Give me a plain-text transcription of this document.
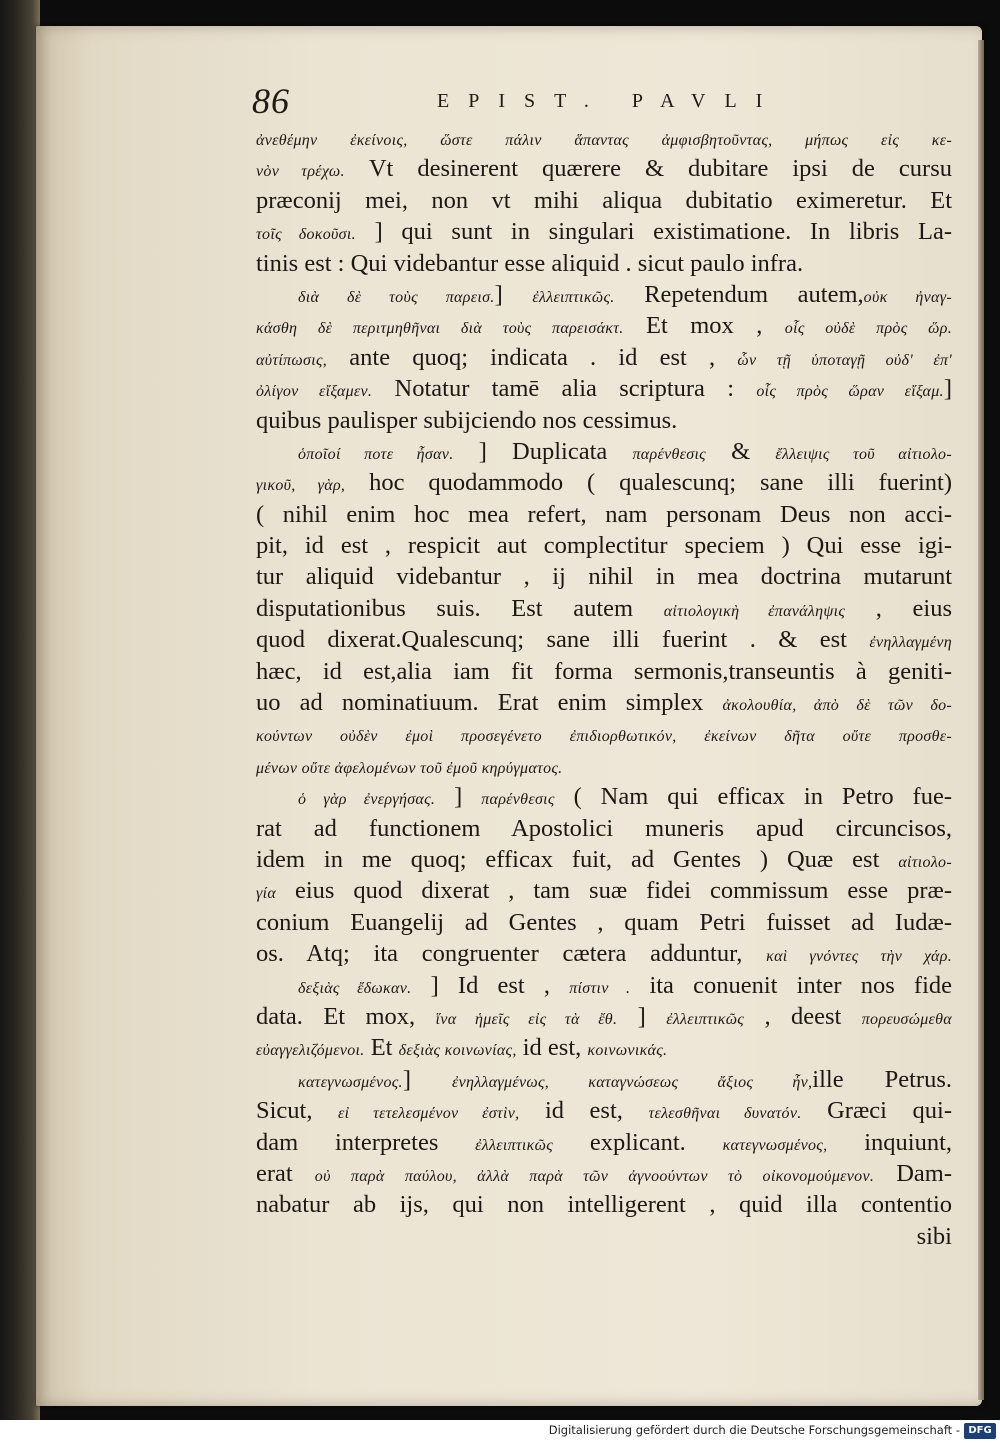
86	EPIST. PAVLI
ἀνεθέμην ἐκείνοις, ὥστε πάλιν ἅπαντας ἀμφισβητοῦντας, μήπως εἰς κε-
νὸν τρέχω. Vt desinerent quærere & dubitare ipsi de cursu
præconij mei, non vt mihi aliqua dubitatio eximeretur. Et
τοῖς δοκοῦσι. ] qui sunt in singulari existimatione. In libris La-
tinis est : Qui videbantur esse aliquid . sicut paulo infra.
διὰ δὲ τοὺς παρεισ.] ἐλλειπτικῶς. Repetendum autem,οὐκ ἠναγ-
κάσθη δὲ περιτμηθῆναι διὰ τοὺς παρεισάκτ. Et mox , οἷς οὐδὲ πρὸς ὥρ.
αὐτίπωσις, ante quoq; indicata . id est , ὧν τῇ ὑποταγῇ οὐδ' ἐπ'
ὀλίγον εἴξαμεν. Notatur tamē alia scriptura : οἷς πρὸς ὥραν εἴξαμ.]
quibus paulisper subijciendo nos cessimus.
ὁποῖοί ποτε ἦσαν. ] Duplicata παρένθεσις & ἔλλειψις τοῦ αἰτιολο-
γικοῦ, γὰρ, hoc quodammodo ( qualescunq; sane illi fuerint)
( nihil enim hoc mea refert, nam personam Deus non acci-
pit, id est , respicit aut complectitur speciem ) Qui esse igi-
tur aliquid videbantur , ij nihil in mea doctrina mutarunt
disputationibus suis. Est autem αἰτιολογικὴ ἐπανάληψις , eius
quod dixerat.Qualescunq; sane illi fuerint . & est ἐνηλλαγμένη
hæc, id est,alia iam fit forma sermonis,transeuntis à geniti-
uo ad nominatiuum. Erat enim simplex ἀκολουθία, ἀπὸ δὲ τῶν δο-
κούντων οὐδὲν ἐμοὶ προσεγένετο ἐπιδιορθωτικόν, ἐκείνων δῆτα οὔτε προσθε-
μένων οὔτε ἀφελομένων τοῦ ἐμοῦ κηρύγματος.
ὁ γὰρ ἐνεργήσας. ] παρένθεσις ( Nam qui efficax in Petro fue-
rat ad functionem Apostolici muneris apud circuncisos,
idem in me quoq; efficax fuit, ad Gentes ) Quæ est αἰτιολο-
γία eius quod dixerat , tam suæ fidei commissum esse præ-
conium Euangelij ad Gentes , quam Petri fuisset ad Iudæ-
os. Atq; ita congruenter cætera adduntur, καὶ γνόντες τὴν χάρ.
δεξιὰς ἔδωκαν. ] Id est , πίστιν . ita conuenit inter nos fide
data. Et mox, ἵνα ἡμεῖς εἰς τὰ ἔθ. ] ἐλλειπτικῶς , deest πορευσώμεθα
εὐαγγελιζόμενοι. Et δεξιὰς κοινωνίας, id est, κοινωνικάς.
κατεγνωσμένος.] ἐνηλλαγμένως, καταγνώσεως ἄξιος ἦν,ille Petrus.
Sicut, εἰ τετελεσμένον ἐστὶν, id est, τελεσθῆναι δυνατόν. Græci qui-
dam interpretes ἐλλειπτικῶς explicant. κατεγνωσμένος, inquiunt,
erat οὐ παρὰ παύλου, ἀλλὰ παρὰ τῶν ἀγνοούντων τὸ οἰκονομούμενον. Dam-
nabatur ab ijs, qui non intelligerent , quid illa contentio
sibi
Digitalisierung gefördert durch die Deutsche Forschungsgemeinschaft - DFG
